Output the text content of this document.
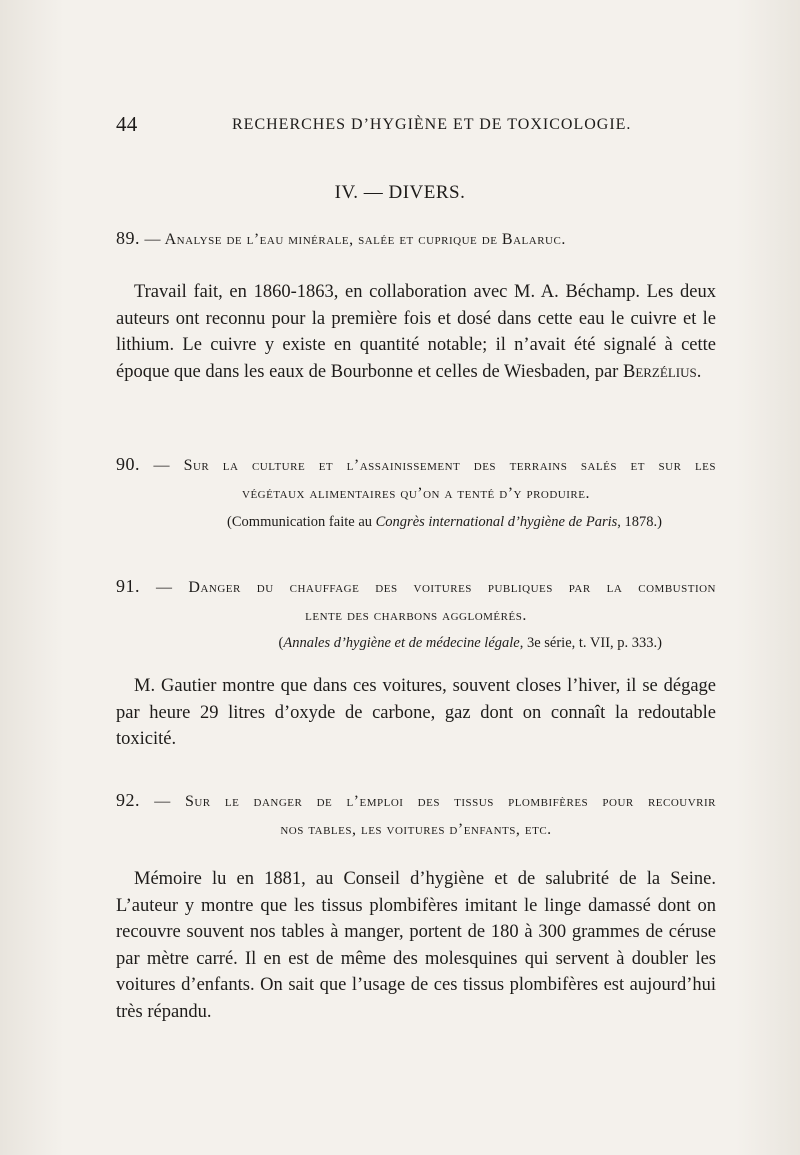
44	RECHERCHES D’HYGIÈNE ET DE TOXICOLOGIE.
IV. — DIVERS.
89. — Analyse de l’eau minérale, salée et cuprique de Balaruc.
Travail fait, en 1860-1863, en collaboration avec M. A. Béchamp. Les deux auteurs ont reconnu pour la première fois et dosé dans cette eau le cuivre et le lithium. Le cuivre y existe en quantité notable; il n’avait été signalé à cette époque que dans les eaux de Bourbonne et celles de Wiesbaden, par Berzélius.
90. — Sur la culture et l’assainissement des terrains salés et sur les
végétaux alimentaires qu’on a tenté d’y produire.
(Communication faite au Congrès international d’hygiène de Paris, 1878.)
91. — Danger du chauffage des voitures publiques par la combustion
lente des charbons agglomérés.
(Annales d’hygiène et de médecine légale, 3e série, t. VII, p. 333.)
M. Gautier montre que dans ces voitures, souvent closes l’hiver, il se dégage par heure 29 litres d’oxyde de carbone, gaz dont on connaît la redoutable toxicité.
92. — Sur le danger de l’emploi des tissus plombifères pour recouvrir
nos tables, les voitures d’enfants, etc.
Mémoire lu en 1881, au Conseil d’hygiène et de salubrité de la Seine. L’auteur y montre que les tissus plombifères imitant le linge damassé dont on recouvre souvent nos tables à manger, portent de 180 à 300 grammes de céruse par mètre carré. Il en est de même des molesquines qui servent à doubler les voitures d’enfants. On sait que l’usage de ces tissus plombifères est aujourd’hui très répandu.
